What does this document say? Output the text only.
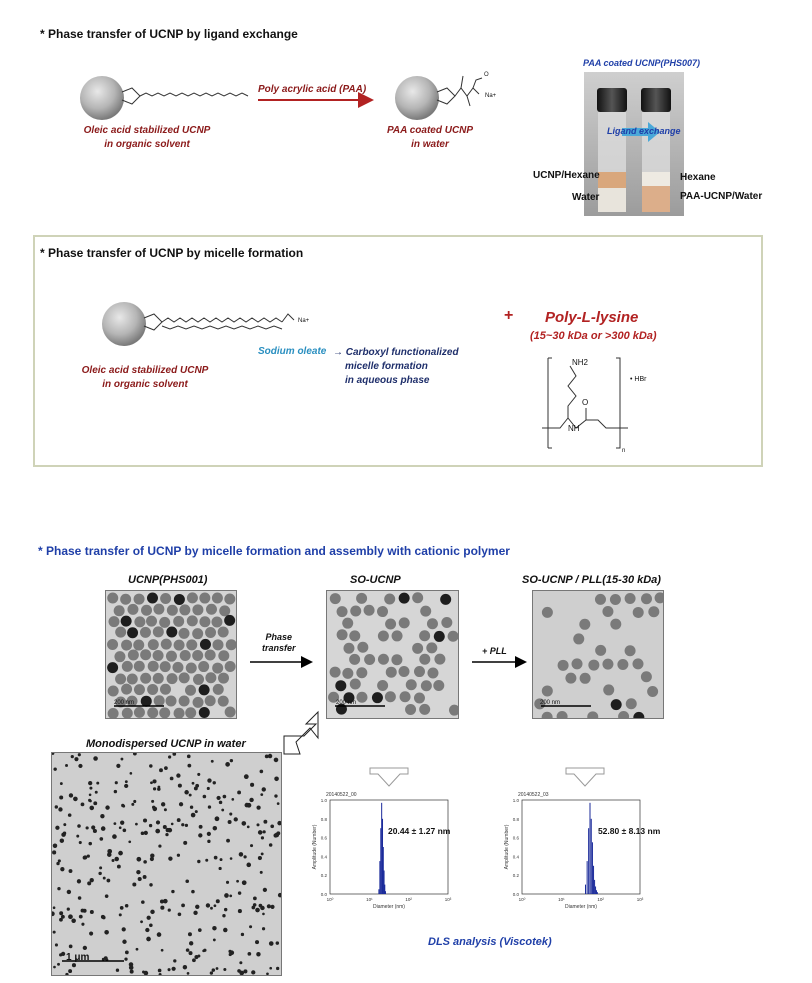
* Phase transfer of UCNP by ligand exchange
O
Na+
Poly acrylic acid (PAA)
Oleic acid stabilized UCNP
in organic solvent
PAA coated UCNP
in water
PAA coated UCNP(PHS007)
Ligand exchange
UCNP/Hexane
Water
Hexane
PAA-UCNP/Water
* Phase transfer of UCNP by micelle formation
Na+
Oleic acid stabilized UCNP
in organic solvent
Sodium oleate → Carboxyl functionalized
micelle formation
in aqueous phase
+ Poly-L-lysine
(15~30 kDa or >300 kDa)
NH2
• HBr
O
NH
n
* Phase transfer of UCNP by micelle formation and assembly with cationic polymer
UCNP(PHS001)	SO-UCNP	SO-UCNP / PLL(15-30 kDa)
200 nm	200 nm	200 nm
Phase
transfer	+ PLL
Monodispersed UCNP in water
1 μm
20140522_00
0.0
0.2
0.4
0.6
0.8
1.0
10⁰	10¹	10²	10³
Diameter (nm)
Amplitude (Number)	20.44 ± 1.27 nm
20140522_03
0.0
0.2
0.4
0.6
0.8
1.0
10⁰	10¹	10²	10³
Diameter (nm)
Amplitude (Number)	52.80 ± 8.13 nm
DLS analysis (Viscotek)
